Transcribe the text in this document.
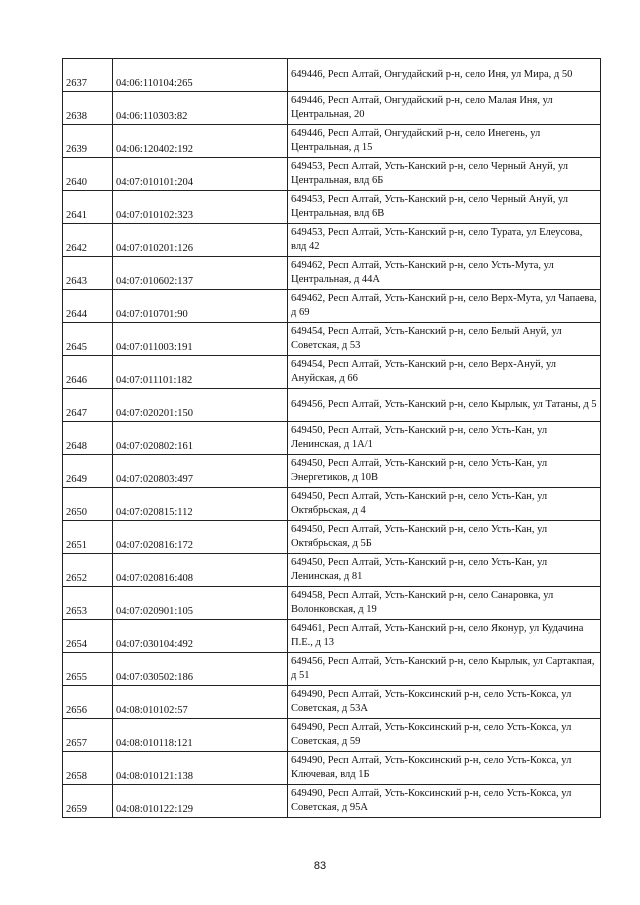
2637	04:06:110104:265	649446, Респ Алтай, Онгудайский р-н, село Иня, ул Мира, д 50
2638	04:06:110303:82	649446, Респ Алтай, Онгудайский р-н, село Малая Иня, ул Центральная, 20
2639	04:06:120402:192	649446, Респ Алтай, Онгудайский р-н, село Инегень, ул Центральная, д 15
2640	04:07:010101:204	649453, Респ Алтай, Усть-Канский р-н, село Черный Ануй, ул Центральная, влд 6Б
2641	04:07:010102:323	649453, Респ Алтай, Усть-Канский р-н, село Черный Ануй, ул Центральная, влд 6В
2642	04:07:010201:126	649453, Респ Алтай, Усть-Канский р-н, село Турата, ул Елеусова, влд 42
2643	04:07:010602:137	649462, Респ Алтай, Усть-Канский р-н, село Усть-Мута, ул Центральная, д 44А
2644	04:07:010701:90	649462, Респ Алтай, Усть-Канский р-н, село Верх-Мута, ул Чапаева, д 69
2645	04:07:011003:191	649454, Респ Алтай, Усть-Канский р-н, село Белый Ануй, ул Советская, д 53
2646	04:07:011101:182	649454, Респ Алтай, Усть-Канский р-н, село Верх-Ануй, ул Ануйская, д 66
2647	04:07:020201:150	649456, Респ Алтай, Усть-Канский р-н, село Кырлык, ул Татаны, д 5
2648	04:07:020802:161	649450, Респ Алтай, Усть-Канский р-н, село Усть-Кан, ул Ленинская, д 1А/1
2649	04:07:020803:497	649450, Респ Алтай, Усть-Канский р-н, село Усть-Кан, ул Энергетиков, д 10В
2650	04:07:020815:112	649450, Респ Алтай, Усть-Канский р-н, село Усть-Кан, ул Октябрьская, д 4
2651	04:07:020816:172	649450, Респ Алтай, Усть-Канский р-н, село Усть-Кан, ул Октябрьская, д 5Б
2652	04:07:020816:408	649450, Респ Алтай, Усть-Канский р-н, село Усть-Кан, ул Ленинская, д 81
2653	04:07:020901:105	649458, Респ Алтай, Усть-Канский р-н, село Санаровка, ул Волонковская, д 19
2654	04:07:030104:492	649461, Респ Алтай, Усть-Канский р-н, село Яконур, ул Кудачина П.Е., д 13
2655	04:07:030502:186	649456, Респ Алтай, Усть-Канский р-н, село Кырлык, ул Сартакпая, д 51
2656	04:08:010102:57	649490, Респ Алтай, Усть-Коксинский р-н, село Усть-Кокса, ул Советская, д 53А
2657	04:08:010118:121	649490, Респ Алтай, Усть-Коксинский р-н, село Усть-Кокса, ул Советская, д 59
2658	04:08:010121:138	649490, Респ Алтай, Усть-Коксинский р-н, село Усть-Кокса, ул Ключевая, влд 1Б
2659	04:08:010122:129	649490, Респ Алтай, Усть-Коксинский р-н, село Усть-Кокса, ул Советская, д 95А
83
